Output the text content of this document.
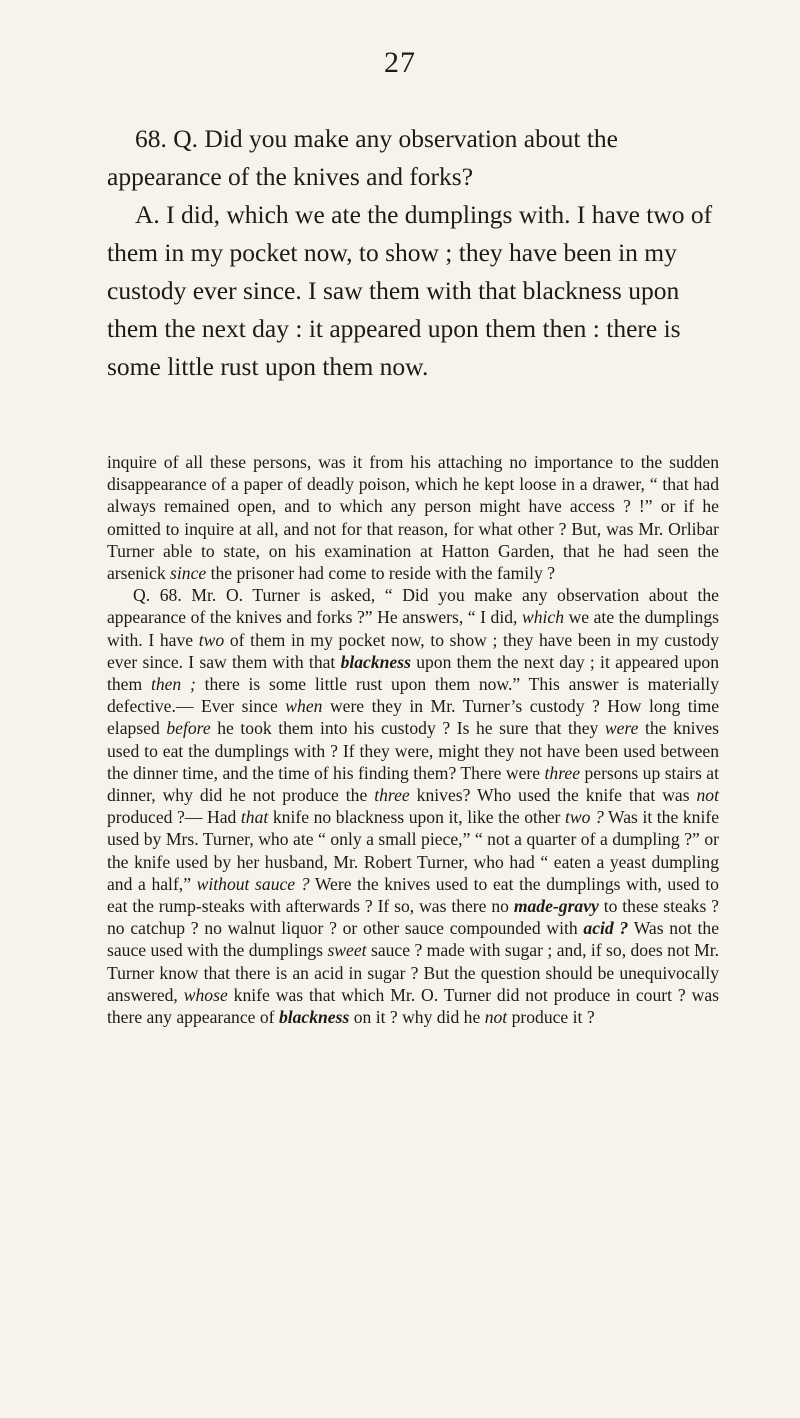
27

68. Q. Did you make any observation about the appearance of the knives and forks?

A. I did, which we ate the dumplings with. I have two of them in my pocket now, to show ; they have been in my custody ever since. I saw them with that blackness upon them the next day : it appeared upon them then : there is some little rust upon them now.

inquire of all these persons, was it from his attaching no importance to the sudden disappearance of a paper of deadly poison, which he kept loose in a drawer, “ that had always remained open, and to which any person might have access ? !” or if he omitted to inquire at all, and not for that reason, for what other ? But, was Mr. Orlibar Turner able to state, on his examination at Hatton Garden, that he had seen the arsenick since the prisoner had come to reside with the family ?

Q. 68. Mr. O. Turner is asked, “ Did you make any observation about the appearance of the knives and forks ?” He answers, “ I did, which we ate the dumplings with. I have two of them in my pocket now, to show ; they have been in my custody ever since. I saw them with that blackness upon them the next day ; it appeared upon them then ; there is some little rust upon them now.” This answer is materially defective.— Ever since when were they in Mr. Turner’s custody ? How long time elapsed before he took them into his custody ? Is he sure that they were the knives used to eat the dumplings with ? If they were, might they not have been used between the dinner time, and the time of his finding them? There were three persons up stairs at dinner, why did he not produce the three knives? Who used the knife that was not produced ?— Had that knife no blackness upon it, like the other two ? Was it the knife used by Mrs. Turner, who ate “ only a small piece,” “ not a quarter of a dumpling ?” or the knife used by her husband, Mr. Robert Turner, who had “ eaten a yeast dumpling and a half,” without sauce ? Were the knives used to eat the dumplings with, used to eat the rump-steaks with afterwards ? If so, was there no made-gravy to these steaks ? no catchup ? no walnut liquor ? or other sauce compounded with acid ? Was not the sauce used with the dumplings sweet sauce ? made with sugar ; and, if so, does not Mr. Turner know that there is an acid in sugar ? But the question should be unequivocally answered, whose knife was that which Mr. O. Turner did not produce in court ? was there any appearance of blackness on it ? why did he not produce it ?
